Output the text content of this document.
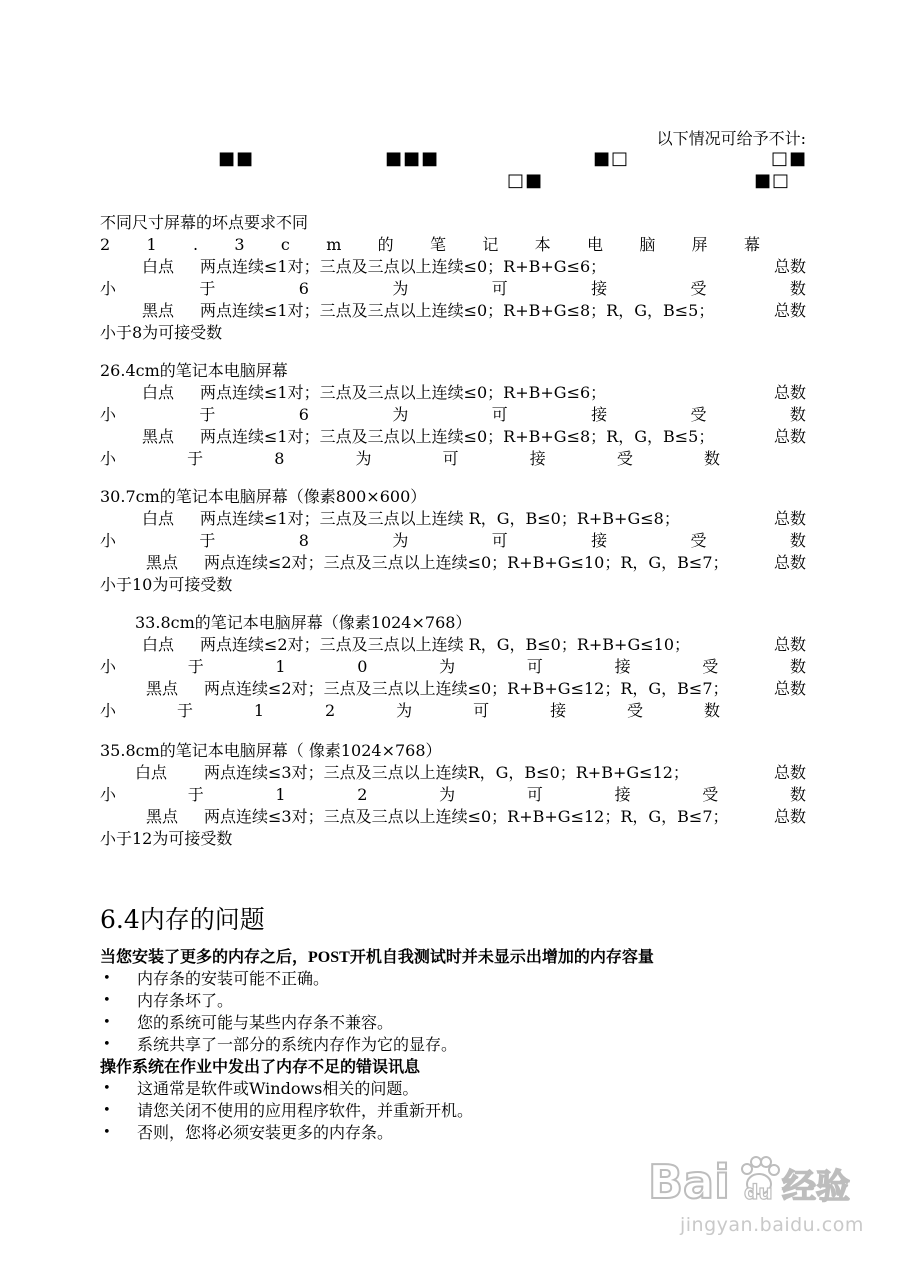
以下情况可给予不计:
■■	■■■	■□	□■
□■	■□
不同尺寸屏幕的坏点要求不同
2 1 . 3 c m 的 笔 记 本 电 脑 屏 幕
白点 两点连续≤1对；三点及三点以上连续≤0；R+B+G≤6；	总数
小	于	6	为	可	接	受	数
黑点 两点连续≤1对；三点及三点以上连续≤0；R+B+G≤8；R，G，B≤5；	总数
小于8为可接受数
26.4cm的笔记本电脑屏幕
白点 两点连续≤1对；三点及三点以上连续≤0；R+B+G≤6；	总数
小	于	6	为	可	接	受	数
黑点 两点连续≤1对；三点及三点以上连续≤0；R+B+G≤8；R，G，B≤5；	总数
小	于	8	为	可	接	受	数
30.7cm的笔记本电脑屏幕（像素800×600）
白点 两点连续≤1对；三点及三点以上连续 R，G，B≤0；R+B+G≤8；	总数
小	于	8	为	可	接	受	数
黑点 两点连续≤2对；三点及三点以上连续≤0；R+B+G≤10；R，G，B≤7；	总数
小于10为可接受数
33.8cm的笔记本电脑屏幕（像素1024×768）
白点 两点连续≤2对；三点及三点以上连续 R，G，B≤0；R+B+G≤10；	总数
小	于	1	0	为	可	接	受	数
黑点 两点连续≤2对；三点及三点以上连续≤0；R+B+G≤12；R，G，B≤7；	总数
小	于	1	2	为	可	接	受	数
35.8cm的笔记本电脑屏幕（ 像素1024×768）
白点 两点连续≤3对；三点及三点以上连续R，G，B≤0；R+B+G≤12；	总数
小	于	1	2	为	可	接	受	数
黑点 两点连续≤3对；三点及三点以上连续≤0；R+B+G≤12；R，G，B≤7；	总数
小于12为可接受数
6.4内存的问题
当您安装了更多的内存之后，POST开机自我测试时并未显示出增加的内存容量
• 内存条的安装可能不正确。
• 内存条坏了。
• 您的系统可能与某些内存条不兼容。
• 系统共享了一部分的系统内存作为它的显存。
操作系统在作业中发出了内存不足的错误讯息
• 这通常是软件或Windows相关的问题。
• 请您关闭不使用的应用程序软件，并重新开机。
• 否则，您将必须安装更多的内存条。
Bai du 经验
jingyan.baidu.com
